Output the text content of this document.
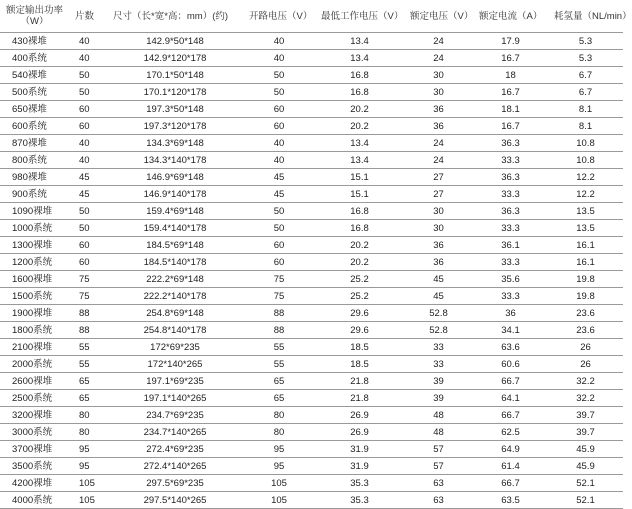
额定输出功率
（W）	片数	尺寸（长*宽*高：mm）(约)	开路电压（V）	最低工作电压（V）	额定电压（V）	额定电流（A）	耗氢量（NL/min）
430裸堆	40	142.9*50*148	40	13.4	24	17.9	5.3
400系统	40	142.9*120*178	40	13.4	24	16.7	5.3
540裸堆	50	170.1*50*148	50	16.8	30	18	6.7
500系统	50	170.1*120*178	50	16.8	30	16.7	6.7
650裸堆	60	197.3*50*148	60	20.2	36	18.1	8.1
600系统	60	197.3*120*178	60	20.2	36	16.7	8.1
870裸堆	40	134.3*69*148	40	13.4	24	36.3	10.8
800系统	40	134.3*140*178	40	13.4	24	33.3	10.8
980裸堆	45	146.9*69*148	45	15.1	27	36.3	12.2
900系统	45	146.9*140*178	45	15.1	27	33.3	12.2
1090裸堆	50	159.4*69*148	50	16.8	30	36.3	13.5
1000系统	50	159.4*140*178	50	16.8	30	33.3	13.5
1300裸堆	60	184.5*69*148	60	20.2	36	36.1	16.1
1200系统	60	184.5*140*178	60	20.2	36	33.3	16.1
1600裸堆	75	222.2*69*148	75	25.2	45	35.6	19.8
1500系统	75	222.2*140*178	75	25.2	45	33.3	19.8
1900裸堆	88	254.8*69*148	88	29.6	52.8	36	23.6
1800系统	88	254.8*140*178	88	29.6	52.8	34.1	23.6
2100裸堆	55	172*69*235	55	18.5	33	63.6	26
2000系统	55	172*140*265	55	18.5	33	60.6	26
2600裸堆	65	197.1*69*235	65	21.8	39	66.7	32.2
2500系统	65	197.1*140*265	65	21.8	39	64.1	32.2
3200裸堆	80	234.7*69*235	80	26.9	48	66.7	39.7
3000系统	80	234.7*140*265	80	26.9	48	62.5	39.7
3700裸堆	95	272.4*69*235	95	31.9	57	64.9	45.9
3500系统	95	272.4*140*265	95	31.9	57	61.4	45.9
4200裸堆	105	297.5*69*235	105	35.3	63	66.7	52.1
4000系统	105	297.5*140*265	105	35.3	63	63.5	52.1
